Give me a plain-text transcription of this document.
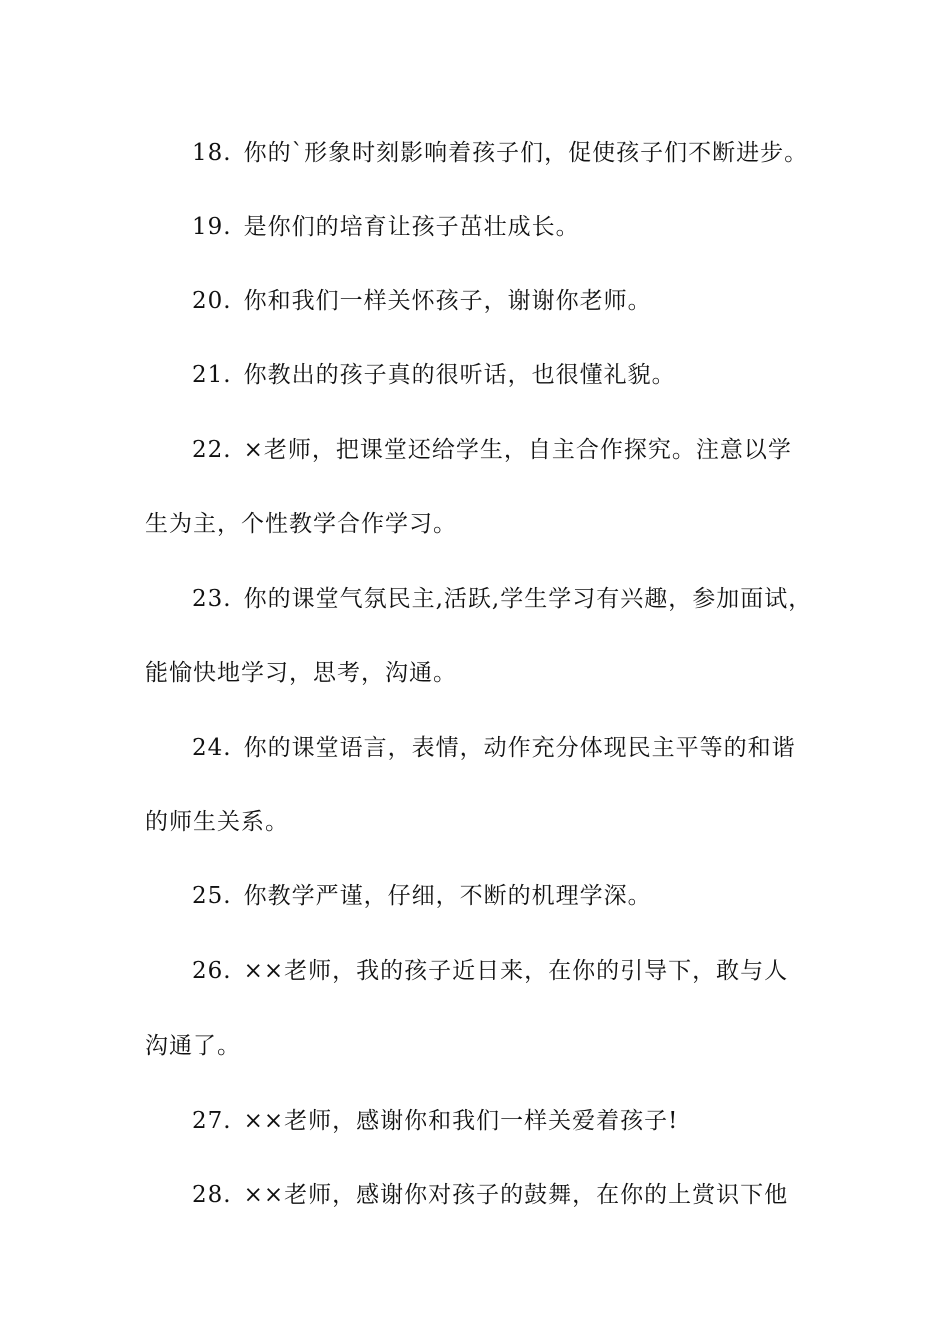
18. 你的`形象时刻影响着孩子们，促使孩子们不断进步。
19. 是你们的培育让孩子茁壮成长。
20. 你和我们一样关怀孩子，谢谢你老师。
21. 你教出的孩子真的很听话，也很懂礼貌。
22. ×老师，把课堂还给学生，自主合作探究。注意以学
生为主，个性教学合作学习。
23. 你的课堂气氛民主,活跃,学生学习有兴趣，参加面试，
能愉快地学习，思考，沟通。
24. 你的课堂语言，表情，动作充分体现民主平等的和谐
的师生关系。
25. 你教学严谨，仔细，不断的机理学深。
26. ××老师，我的孩子近日来，在你的引导下，敢与人
沟通了。
27. ××老师，感谢你和我们一样关爱着孩子!
28. ××老师，感谢你对孩子的鼓舞，在你的上赏识下他
